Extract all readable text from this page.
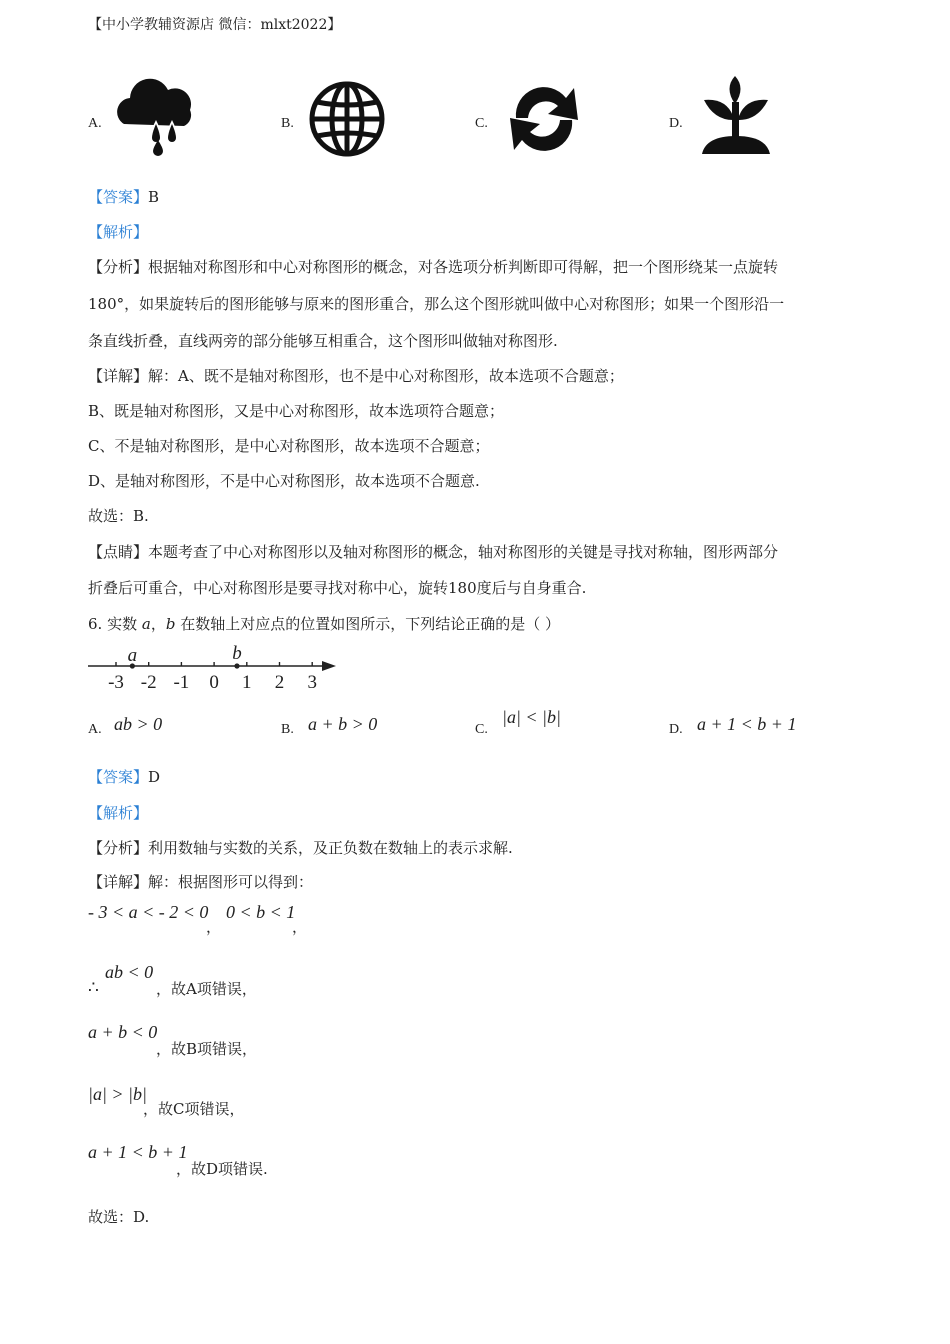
【中小学教辅资源店 微信：mlxt2022】
A.	B.	C.	D.
【答案】B
【解析】
【分析】根据轴对称图形和中心对称图形的概念，对各选项分析判断即可得解，把一个图形绕某一点旋转
180°，如果旋转后的图形能够与原来的图形重合，那么这个图形就叫做中心对称图形；如果一个图形沿一
条直线折叠，直线两旁的部分能够互相重合，这个图形叫做轴对称图形.
【详解】解：A、既不是轴对称图形，也不是中心对称图形，故本选项不合题意；
B、既是轴对称图形，又是中心对称图形，故本选项符合题意；
C、不是轴对称图形，是中心对称图形，故本选项不合题意；
D、是轴对称图形，不是中心对称图形，故本选项不合题意.
故选：B.
【点睛】本题考查了中心对称图形以及轴对称图形的概念，轴对称图形的关键是寻找对称轴，图形两部分
折叠后可重合，中心对称图形是要寻找对称中心，旋转180度后与自身重合.
6. 实数 a，b 在数轴上对应点的位置如图所示，下列结论正确的是（ ）
-3 -2 -1 0 1 2 3
a	b
A. ab > 0	B. a + b > 0	C.
|a| < |b|
D. a + 1 < b + 1
【答案】D
【解析】
【分析】利用数轴与实数的关系，及正负数在数轴上的表示求解.
【详解】解：根据图形可以得到：
- 3 < a < - 2 < 0
，
0 < b < 1
，
∴
ab < 0
，故A项错误，
a + b < 0
，故B项错误，
|a| > |b|
，故C项错误，
a + 1 < b + 1
，故D项错误.
故选：D.
